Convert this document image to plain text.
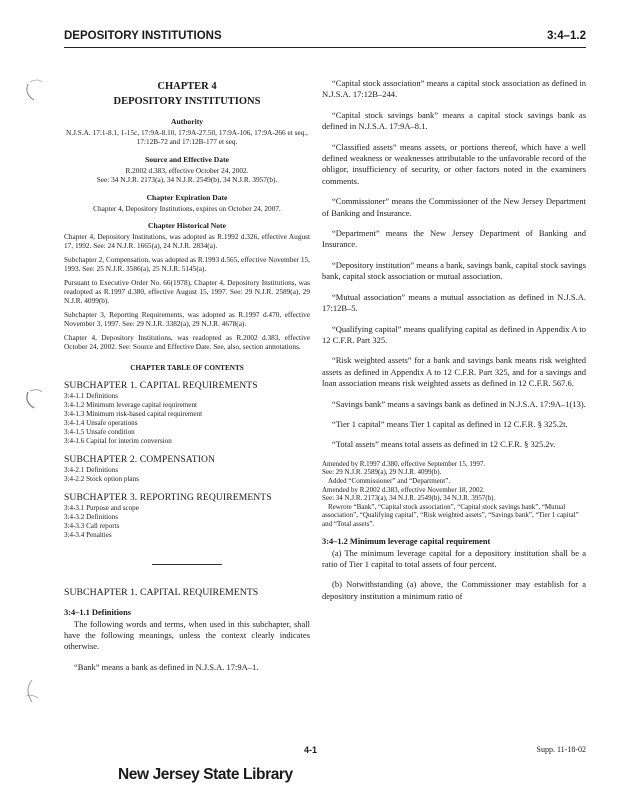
DEPOSITORY INSTITUTIONS	3:4–1.2
CHAPTER 4
DEPOSITORY INSTITUTIONS
Authority

N.J.S.A. 17:1-8.1, 1-15c, 17:9A-8.10, 17:9A-27.50, 17:9A-106, 17:9A-266 et seq., 17:12B-72 and 17:12B-177 et seq.

Source and Effective Date

R.2002 d.383, effective October 24, 2002.

See: 34 N.J.R. 2173(a), 34 N.J.R. 2549(b), 34 N.J.R. 3957(b).

Chapter Expiration Date

Chapter 4, Depository Institutions, expires on October 24, 2007.

Chapter Historical Note

Chapter 4, Depository Institutions, was adopted as R.1992 d.326, effective August 17, 1992. See: 24 N.J.R. 1665(a), 24 N.J.R. 2834(a).

Subchapter 2, Compensation, was adopted as R.1993 d.565, effective November 15, 1993. See: 25 N.J.R. 3586(a), 25 N.J.R. 5145(a).

Pursuant to Executive Order No. 66(1978), Chapter 4, Depository Institutions, was readopted as R.1997 d.380, effective August 15, 1997. See: 29 N.J.R. 2589(a), 29 N.J.R. 4099(b).

Subchapter 3, Reporting Requirements, was adopted as R.1997 d.470, effective November 3, 1997. See: 29 N.J.R. 3382(a), 29 N.J.R. 4678(a).

Chapter 4, Depository Institutions, was readopted as R.2002 d.383, effective October 24, 2002. See: Source and Effective Date. See, also, section annotations.

CHAPTER TABLE OF CONTENTS
SUBCHAPTER 1. CAPITAL REQUIREMENTS
3:4-1.1 Definitions
3:4-1.2 Minimum leverage capital requirement
3:4-1.3 Minimum risk-based capital requirement
3:4-1.4 Unsafe operations
3:4-1.5 Unsafe condition
3:4-1.6 Capital for interim conversion
SUBCHAPTER 2. COMPENSATION
3:4-2.1 Definitions
3:4-2.2 Stock option plans
SUBCHAPTER 3. REPORTING REQUIREMENTS
3:4-3.1 Purpose and scope
3:4-3.2 Definitions
3:4-3.3 Call reports
3:4-3.4 Penalties
SUBCHAPTER 1. CAPITAL REQUIREMENTS
3:4–1.1 Definitions

The following words and terms, when used in this subchapter, shall have the following meanings, unless the context clearly indicates otherwise.

“Bank” means a bank as defined in N.J.S.A. 17:9A–1.

“Capital stock association” means a capital stock association as defined in N.J.S.A. 17:12B–244.

“Capital stock savings bank” means a capital stock savings bank as defined in N.J.S.A. 17:9A–8.1.

“Classified assets” means assets, or portions thereof, which have a well defined weakness or weaknesses attributable to the unfavorable record of the obligor, insufficiency of security, or other factors noted in the examiners comments.

“Commissioner” means the Commissioner of the New Jersey Department of Banking and Insurance.

“Department” means the New Jersey Department of Banking and Insurance.

“Depository institution” means a bank, savings bank, capital stock savings bank, capital stock association or mutual association.

“Mutual association” means a mutual association as defined in N.J.S.A. 17:12B–5.

“Qualifying capital” means qualifying capital as defined in Appendix A to 12 C.F.R. Part 325.

“Risk weighted assets” for a bank and savings bank means risk weighted assets as defined in Appendix A to 12 C.F.R. Part 325, and for a savings and loan association means risk weighted assets as defined in 12 C.F.R. 567.6.

“Savings bank” means a savings bank as defined in N.J.S.A. 17:9A–1(13).

“Tier 1 capital” means Tier 1 capital as defined in 12 C.F.R. § 325.2t.

“Total assets” means total assets as defined in 12 C.F.R. § 325.2v.

Amended by R.1997 d.380, effective September 15, 1997.

See: 29 N.J.R. 2589(a), 29 N.J.R. 4099(b).

Added “Commissioner” and “Department”.

Amended by R.2002 d.383, effective November 18, 2002.

See: 34 N.J.R. 2173(a), 34 N.J.R. 2549(b), 34 N.J.R. 3957(b).

Rewrote “Bank”, “Capital stock association”, “Capital stock savings bank”, “Mutual association”, “Qualifying capital”, “Risk weighted assets”, “Savings bank”, “Tier 1 capital” and “Total assets”.

3:4–1.2 Minimum leverage capital requirement

(a) The minimum leverage capital for a depository institution shall be a ratio of Tier 1 capital to total assets of four percent.

(b) Notwithstanding (a) above, the Commissioner may establish for a depository institution a minimum ratio of

4-1	Supp. 11-18-02
New Jersey State Library
